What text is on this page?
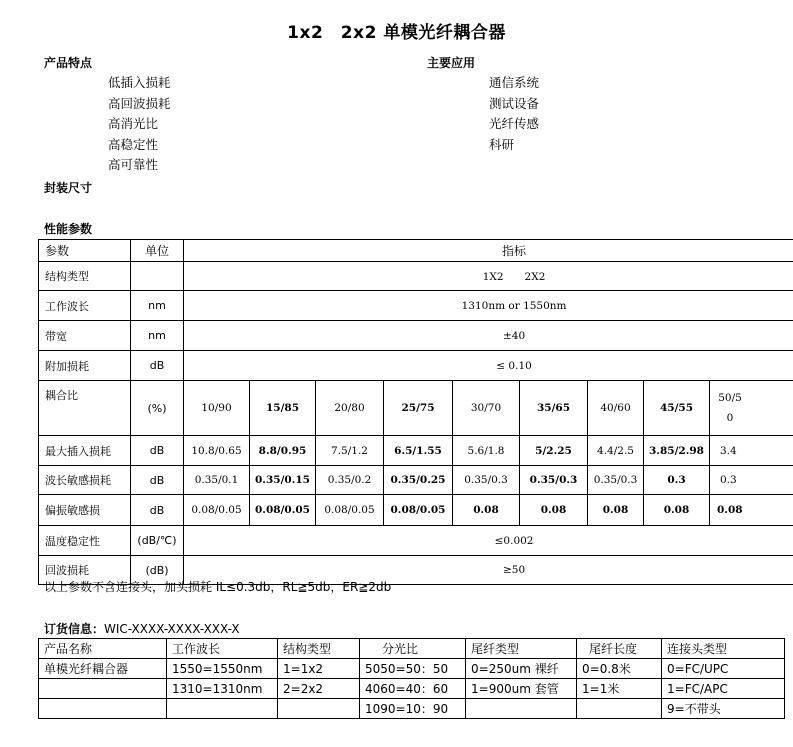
1x2　2x2 单模光纤耦合器
产品特点
低插入损耗
高回波损耗
高消光比
高稳定性
高可靠性
主要应用
通信系统
测试设备
光纤传感
科研
封装尺寸
性能参数
参数	单位	指标								
结构类型		1X2　　2X2								
工作波长	nm	1310nm or 1550nm								
带宽	nm	±40								
附加损耗	dB	≤ 0.10								
耦合比	(%)	10/90	15/85	20/80	25/75	30/70	35/65	40/60	45/55	50/50
最大插入损耗	dB	10.8/0.65	8.8/0.95	7.5/1.2	6.5/1.55	5.6/1.8	5/2.25	4.4/2.5	3.85/2.98	3.4
波长敏感损耗	dB	0.35/0.1	0.35/0.15	0.35/0.2	0.35/0.25	0.35/0.3	0.35/0.3	0.35/0.3	0.3	0.3
偏振敏感损	dB	0.08/0.05	0.08/0.05	0.08/0.05	0.08/0.05	0.08	0.08	0.08	0.08	0.08
温度稳定性	(dB/℃)	≤0.002								
回波损耗	(dB)	≥50								
以上参数不含连接头，加头损耗 IL≤0.3db，RL≧5db，ER≧2db
订货信息：WIC-XXXX-XXXX-XXX-X
产品名称	工作波长	结构类型	分光比	尾纤类型	尾纤长度	连接头类型
单模光纤耦合器	1550=1550nm	1=1x2	5050=50：50	0=250um 裸纤	0=0.8米	0=FC/UPC
	1310=1310nm	2=2x2	4060=40：60	1=900um 套管	1=1米	1=FC/APC
			1090=10：90			9=不带头
